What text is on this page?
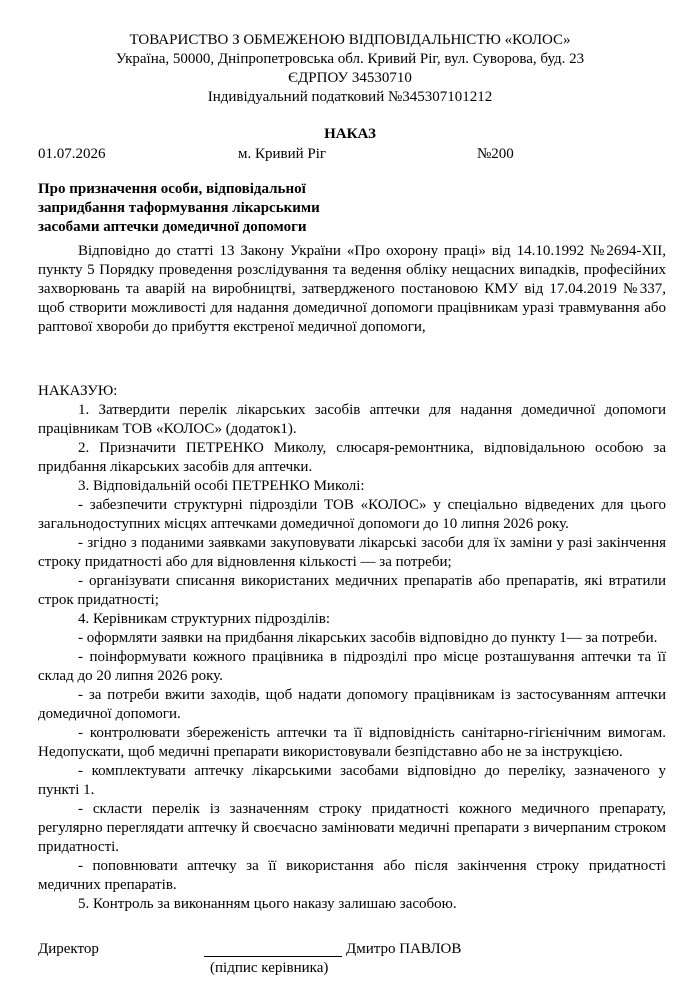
ТОВАРИСТВО З ОБМЕЖЕНОЮ ВІДПОВІДАЛЬНІСТЮ «КОЛОС»
Україна, 50000, Дніпропетровська обл. Кривий Ріг, вул. Суворова, буд. 23
ЄДРПОУ 34530710
Індивідуальний податковий №345307101212
НАКАЗ
01.07.2026	м. Кривий Ріг	№200
Про призначення особи, відповідальної
запридбання таформування лікарськими
засобами аптечки домедичної допомоги

Відповідно до статті 13 Закону України «Про охорону праці» від 14.10.1992 №2694-XII, пункту 5 Порядку проведення розслідування та ведення обліку нещасних випадків, професійних захворювань та аварій на виробництві, затвердженого постановою КМУ від 17.04.2019 №337, щоб створити можливості для надання домедичної допомоги працівникам уразі травмування або раптової хвороби до прибуття екстреної медичної допомоги,

НАКАЗУЮ:

1. Затвердити перелік лікарських засобів аптечки для надання домедичної допомоги працівникам ТОВ «КОЛОС» (додаток1).

2. Призначити ПЕТРЕНКО Миколу, слюсаря-ремонтника, відповідальною особою за придбання лікарських засобів для аптечки.

3. Відповідальній особі ПЕТРЕНКО Миколі:

- забезпечити структурні підрозділи ТОВ «КОЛОС» у спеціально відведених для цього загальнодоступних місцях аптечками домедичної допомоги до 10 липня 2026 року.

- згідно з поданими заявками закуповувати лікарські засоби для їх заміни у разі закінчення строку придатності або для відновлення кількості — за потреби;

- організувати списання використаних медичних препаратів або препаратів, які втратили строк придатності;

4. Керівникам структурних підрозділів:

- оформляти заявки на придбання лікарських засобів відповідно до пункту 1— за потреби.

- поінформувати кожного працівника в підрозділі про місце розташування аптечки та її склад до 20 липня 2026 року.

- за потреби вжити заходів, щоб надати допомогу працівникам із застосуванням аптечки домедичної допомоги.

- контролювати збереженість аптечки та її відповідність санітарно-гігієнічним вимогам. Недопускати, щоб медичні препарати використовували безпідставно або не за інструкцією.

- комплектувати аптечку лікарськими засобами відповідно до переліку, зазначеного у пункті 1.

- скласти перелік із зазначенням строку придатності кожного медичного препарату, регулярно переглядати аптечку й своєчасно замінювати медичні препарати з вичерпаним строком придатності.

- поповнювати аптечку за її використання або після закінчення строку придатності медичних препаратів.

5. Контроль за виконанням цього наказу залишаю засобою.

Директор	Дмитро ПАВЛОВ
(підпис керівника)
